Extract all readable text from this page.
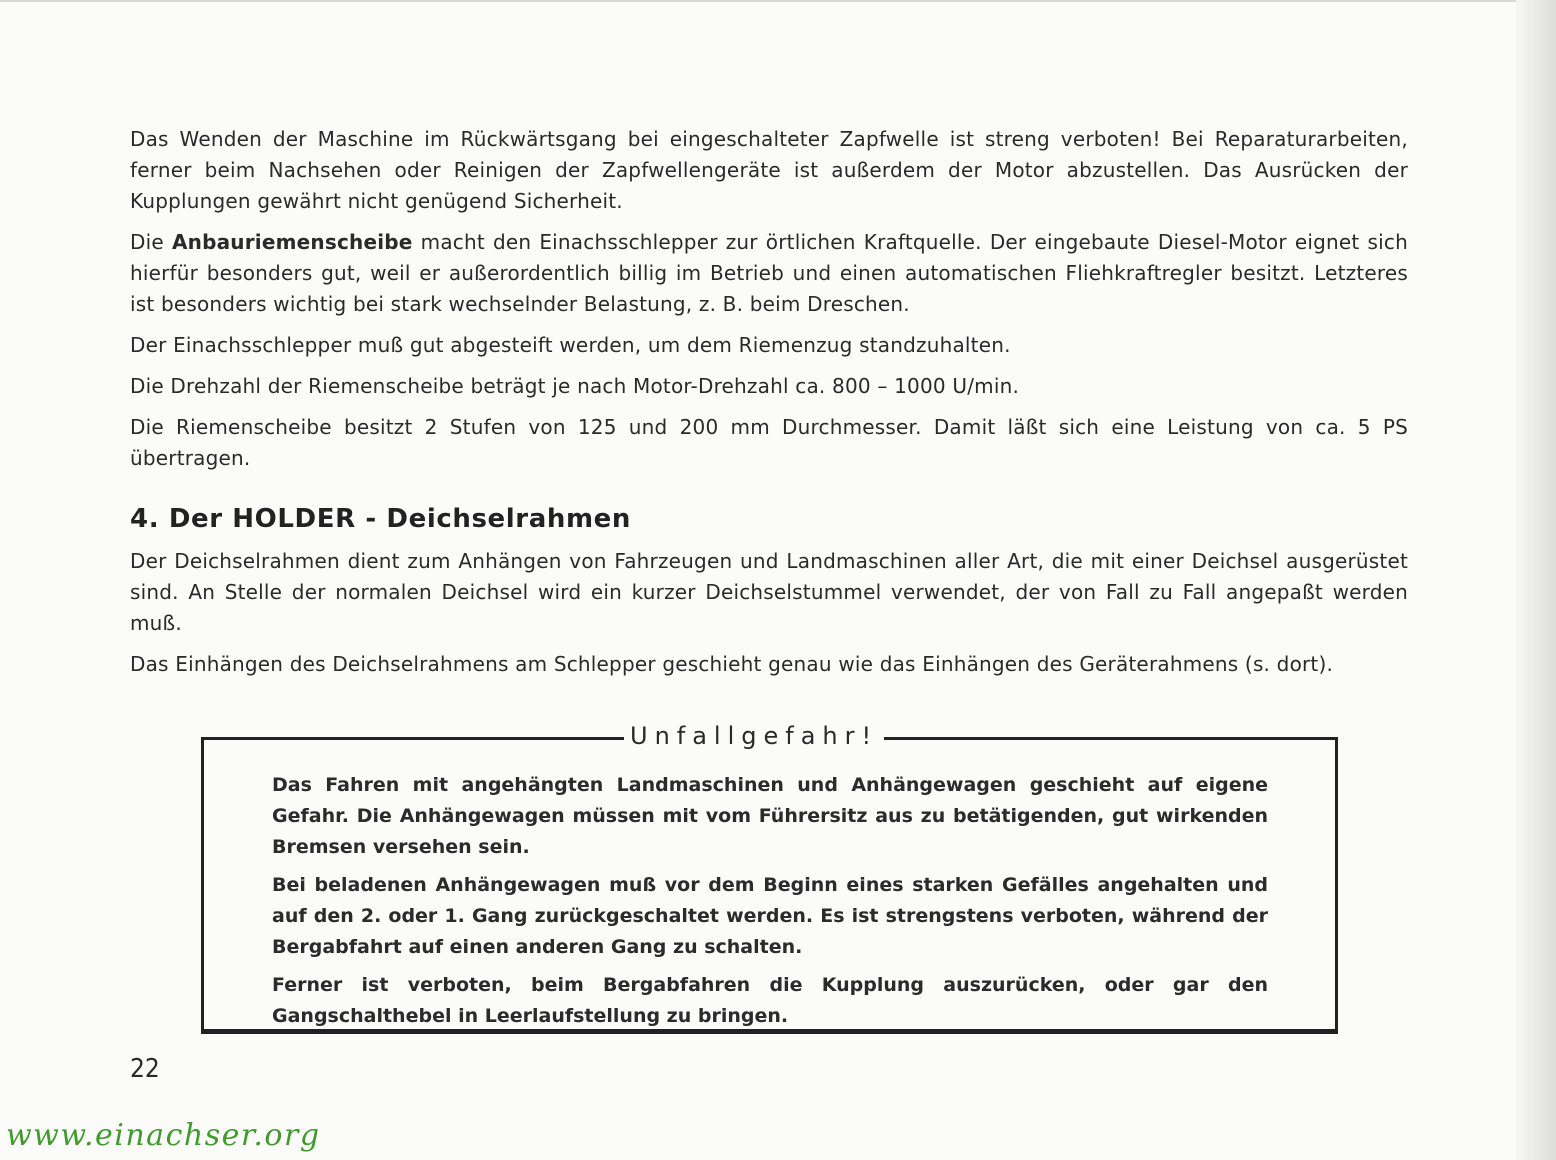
Das Wenden der Maschine im Rückwärtsgang bei eingeschalteter Zapfwelle ist streng verboten! Bei Reparaturarbeiten, ferner beim Nachsehen oder Reinigen der Zapfwellengeräte ist außerdem der Motor abzustellen. Das Ausrücken der Kupplungen gewährt nicht genügend Sicherheit.

Die Anbauriemenscheibe macht den Einachsschlepper zur örtlichen Kraftquelle. Der eingebaute Diesel-Motor eignet sich hierfür besonders gut, weil er außerordentlich billig im Betrieb und einen automatischen Fliehkraftregler besitzt. Letzteres ist besonders wichtig bei stark wechselnder Belastung, z. B. beim Dreschen.

Der Einachsschlepper muß gut abgesteift werden, um dem Riemenzug standzuhalten.

Die Drehzahl der Riemenscheibe beträgt je nach Motor-Drehzahl ca. 800 – 1000 U/min.

Die Riemenscheibe besitzt 2 Stufen von 125 und 200 mm Durchmesser. Damit läßt sich eine Leistung von ca. 5 PS übertragen.

4. Der HOLDER - Deichselrahmen

Der Deichselrahmen dient zum Anhängen von Fahrzeugen und Landmaschinen aller Art, die mit einer Deichsel ausgerüstet sind. An Stelle der normalen Deichsel wird ein kurzer Deichselstummel verwendet, der von Fall zu Fall angepaßt werden muß.

Das Einhängen des Deichselrahmens am Schlepper geschieht genau wie das Einhängen des Geräterahmens (s. dort).

Unfallgefahr!

Das Fahren mit angehängten Landmaschinen und Anhängewagen geschieht auf eigene Gefahr. Die Anhängewagen müssen mit vom Führersitz aus zu betätigenden, gut wirkenden Bremsen versehen sein.

Bei beladenen Anhängewagen muß vor dem Beginn eines starken Gefälles angehalten und auf den 2. oder 1. Gang zurückgeschaltet werden. Es ist strengstens verboten, während der Bergabfahrt auf einen anderen Gang zu schalten.

Ferner ist verboten, beim Bergabfahren die Kupplung auszurücken, oder gar den Gangschalthebel in Leerlaufstellung zu bringen.

22
www.einachser.org
